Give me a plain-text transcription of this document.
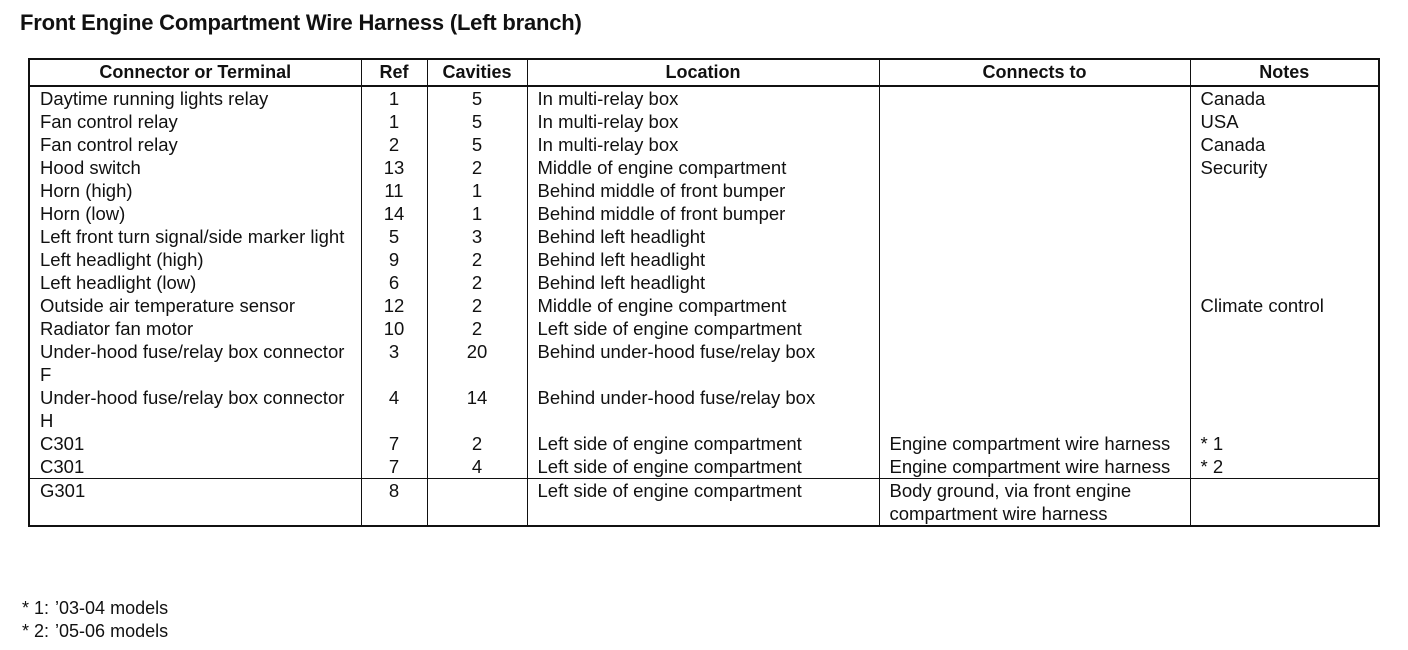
Front Engine Compartment Wire Harness (Left branch)
Connector or Terminal	Ref	Cavities	Location	Connects to	Notes
Daytime running lights relay	1	5	In multi-relay box		Canada
Fan control relay	1	5	In multi-relay box		USA
Fan control relay	2	5	In multi-relay box		Canada
Hood switch	13	2	Middle of engine compartment		Security
Horn (high)	11	1	Behind middle of front bumper		
Horn (low)	14	1	Behind middle of front bumper		
Left front turn signal/side marker light	5	3	Behind left headlight		
Left headlight (high)	9	2	Behind left headlight		
Left headlight (low)	6	2	Behind left headlight		
Outside air temperature sensor	12	2	Middle of engine compartment		Climate control
Radiator fan motor	10	2	Left side of engine compartment		
Under-hood fuse/relay box connector F	3	20	Behind under-hood fuse/relay box		
Under-hood fuse/relay box connector H	4	14	Behind under-hood fuse/relay box		
C301	7	2	Left side of engine compartment	Engine compartment wire harness	* 1
C301	7	4	Left side of engine compartment	Engine compartment wire harness	* 2
G301	8		Left side of engine compartment	Body ground, via front engine compartment wire harness	
* 1: ’03-04 models
* 2: ’05-06 models
